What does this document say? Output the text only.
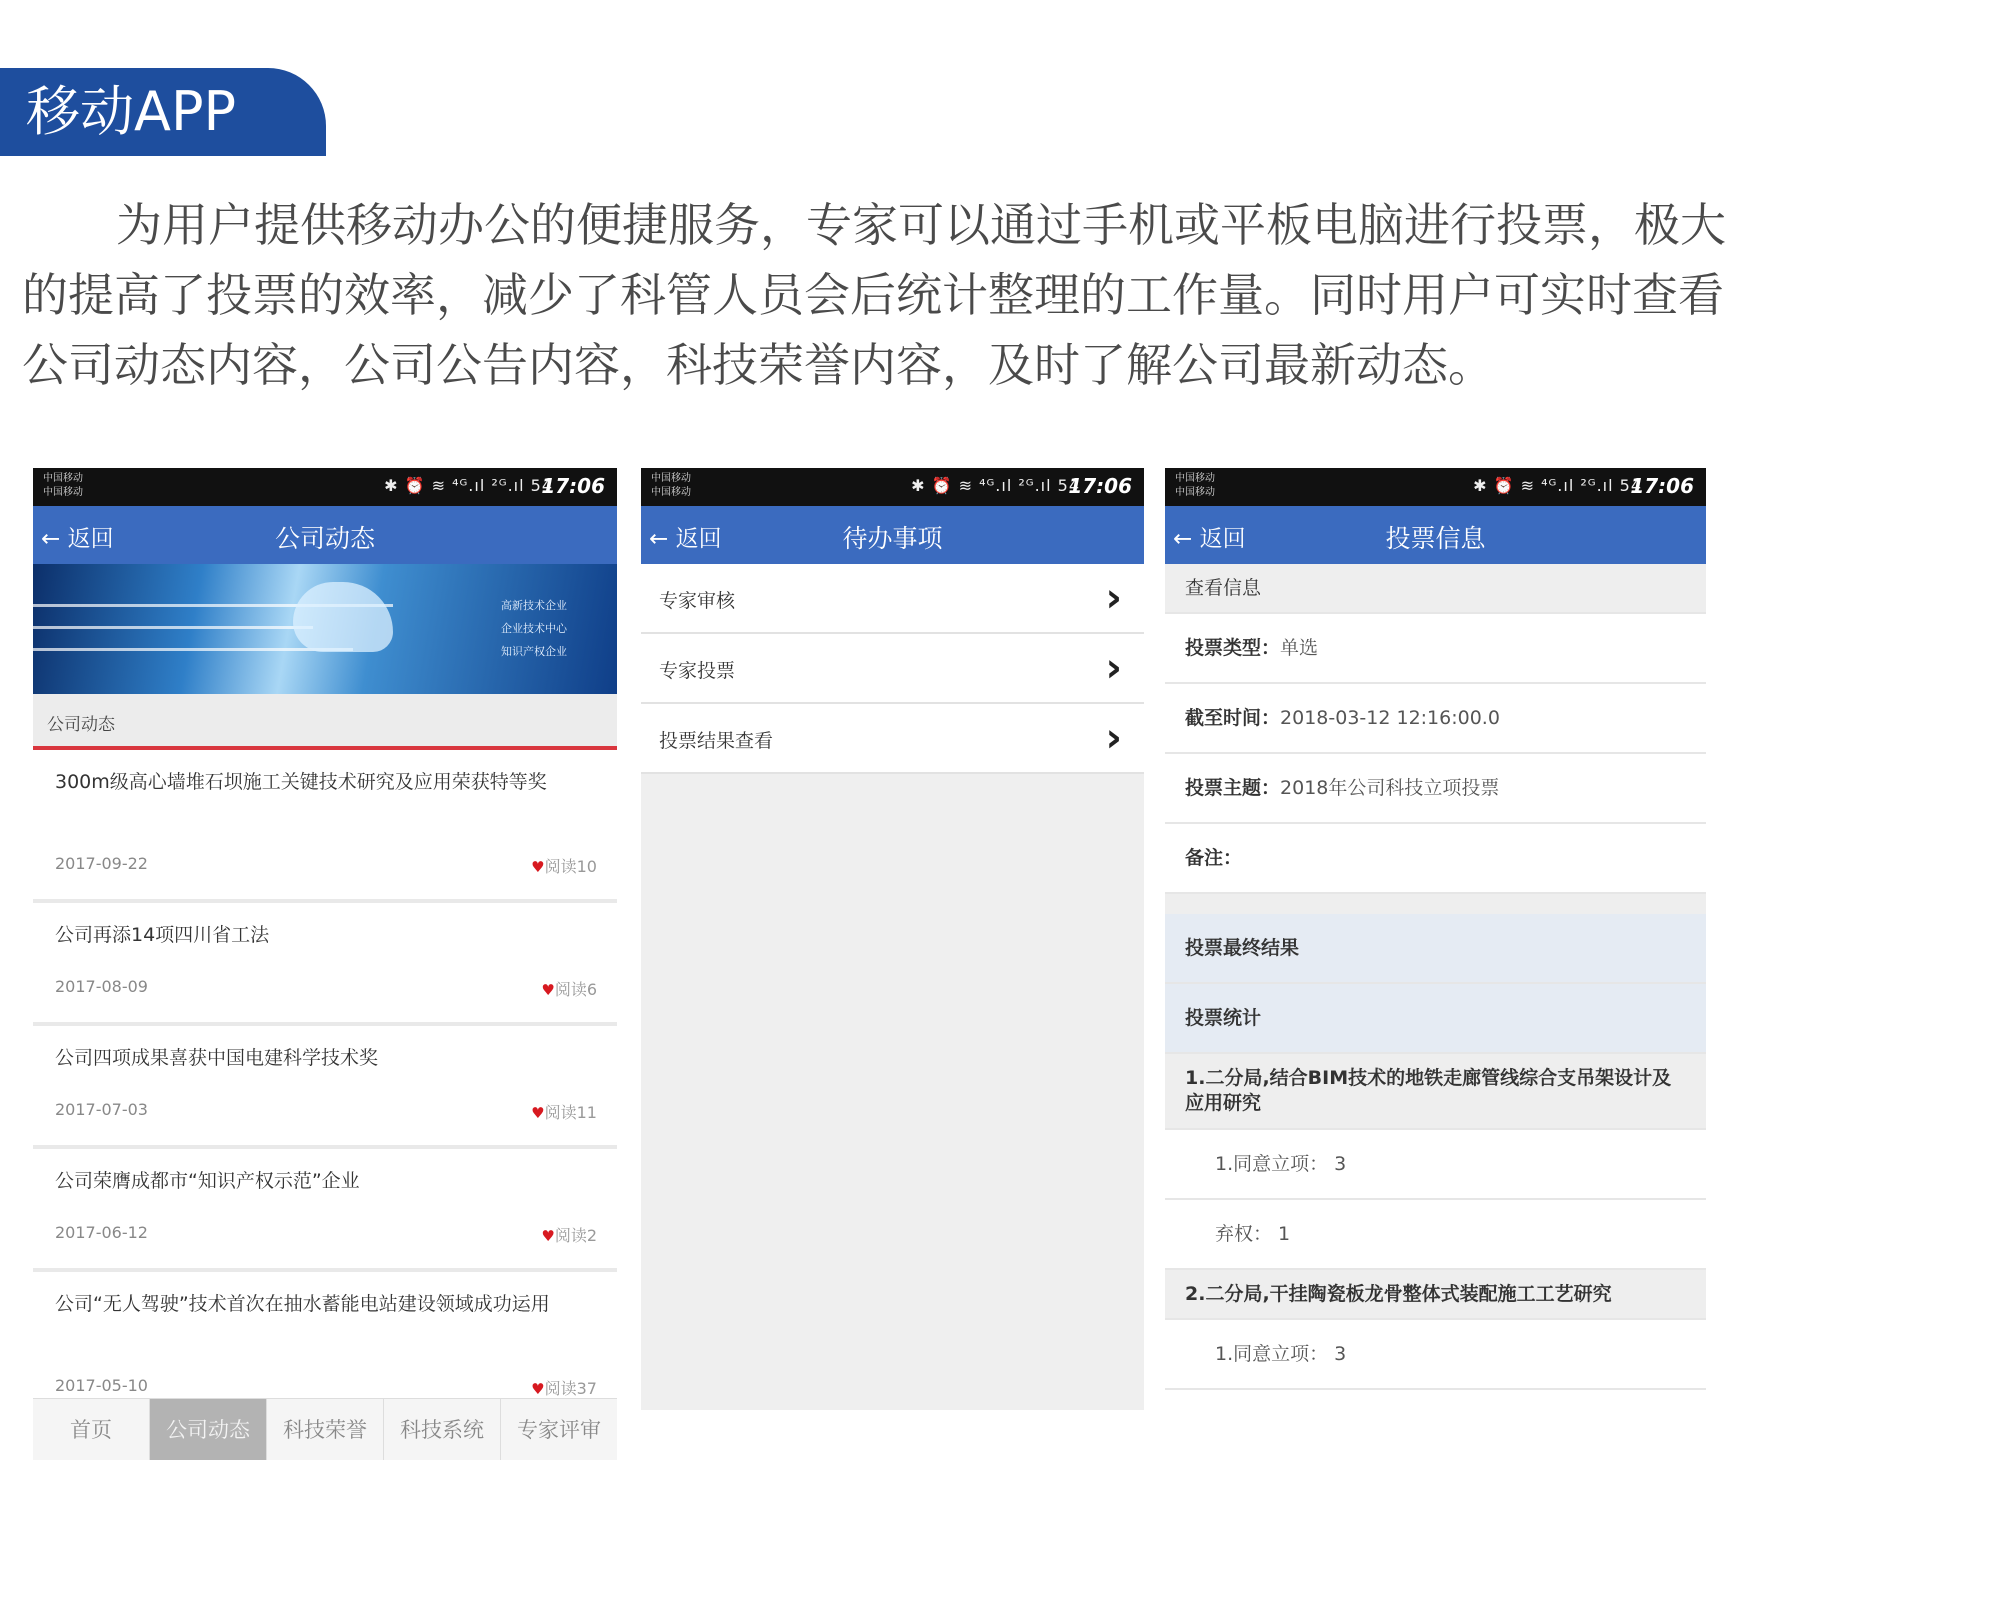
移动APP
为用户提供移动办公的便捷服务，专家可以通过手机或平板电脑进行投票，极大
的提高了投票的效率，减少了科管人员会后统计整理的工作量。同时用户可实时查看
公司动态内容，公司公告内容，科技荣誉内容，及时了解公司最新动态。
中国移动
中国移动	✱ ⏰ ≋ ⁴ᴳ.ıl ²ᴳ.ıl 54
17:06
← 返回	公司动态
高新技术企业
企业技术中心
知识产权企业
公司动态
300m级高心墙堆石坝施工关键技术研究及应用荣获特等奖
2017-09-22	♥阅读10
公司再添14项四川省工法
2017-08-09	♥阅读6
公司四项成果喜获中国电建科学技术奖
2017-07-03	♥阅读11
公司荣膺成都市“知识产权示范”企业
2017-06-12	♥阅读2
公司“无人驾驶”技术首次在抽水蓄能电站建设领域成功运用
2017-05-10	♥阅读37
首页	公司动态	科技荣誉	科技系统	专家评审
中国移动
中国移动	✱ ⏰ ≋ ⁴ᴳ.ıl ²ᴳ.ıl 54
17:06
← 返回	待办事项
专家审核	›
专家投票	›
投票结果查看	›
中国移动
中国移动	✱ ⏰ ≋ ⁴ᴳ.ıl ²ᴳ.ıl 54
17:06
← 返回	投票信息
查看信息
投票类型：单选
截至时间：2018-03-12 12:16:00.0
投票主题：2018年公司科技立项投票
备注：
投票最终结果
投票统计
1.二分局,结合BIM技术的地铁走廊管线综合支吊架设计及应用研究
1.同意立项： 3
弃权： 1
2.二分局,干挂陶瓷板龙骨整体式装配施工工艺研究
1.同意立项： 3
